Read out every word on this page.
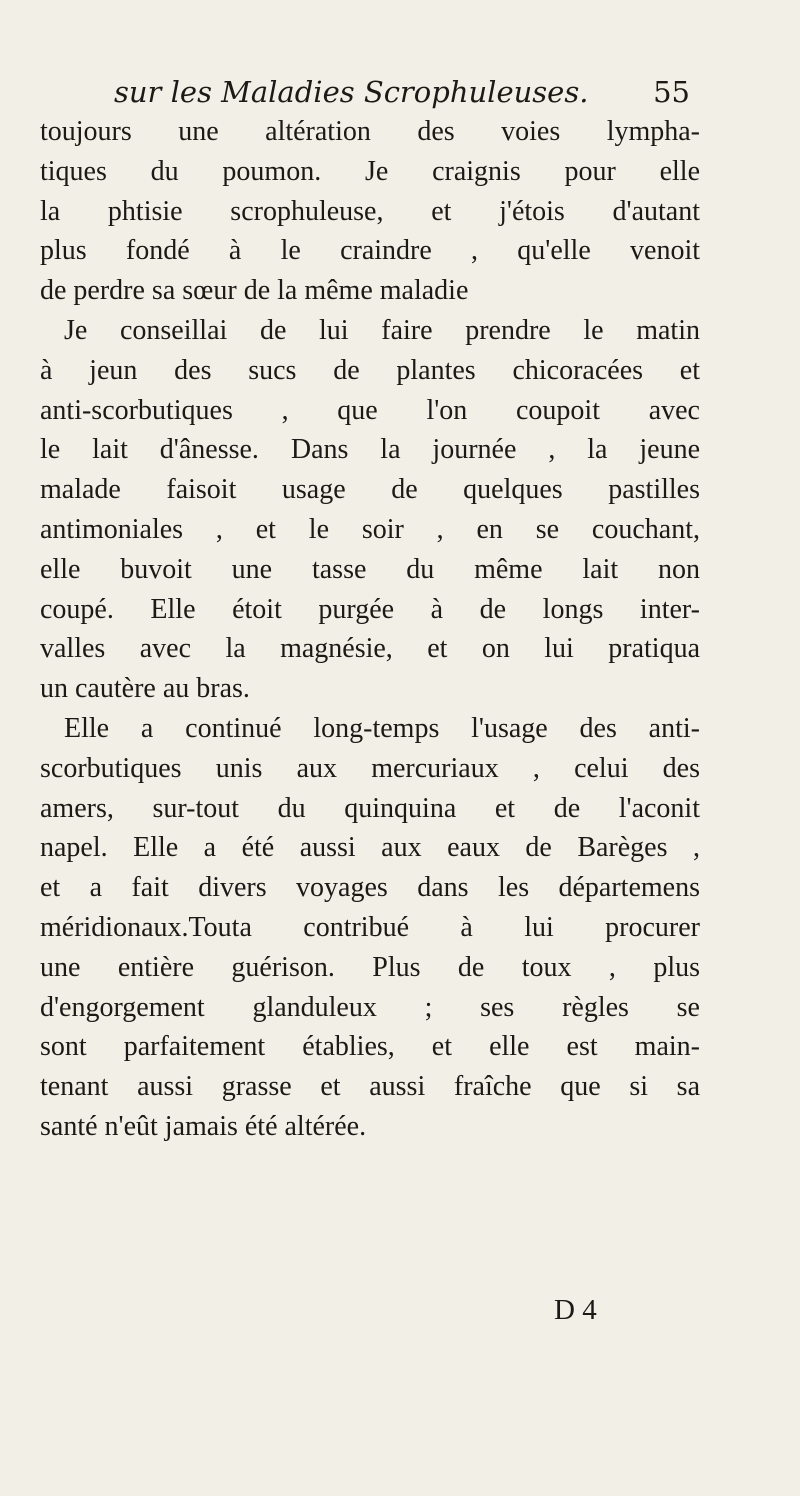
sur les Maladies Scrophuleuses. 55
toujours une altération des voies lympha-
tiques du poumon. Je craignis pour elle
la phtisie scrophuleuse, et j'étois d'autant
plus fondé à le craindre , qu'elle venoit
de perdre sa sœur de la même maladie
Je conseillai de lui faire prendre le matin
à jeun des sucs de plantes chicoracées et
anti-scorbutiques , que l'on coupoit avec
le lait d'ânesse. Dans la journée , la jeune
malade faisoit usage de quelques pastilles
antimoniales , et le soir , en se couchant,
elle buvoit une tasse du même lait non
coupé. Elle étoit purgée à de longs inter-
valles avec la magnésie, et on lui pratiqua
un cautère au bras.
Elle a continué long-temps l'usage des anti-
scorbutiques unis aux mercuriaux , celui des
amers, sur-tout du quinquina et de l'aconit
napel. Elle a été aussi aux eaux de Barèges ,
et a fait divers voyages dans les départemens
méridionaux.Touta contribué à lui procurer
une entière guérison. Plus de toux , plus
d'engorgement glanduleux ; ses règles se
sont parfaitement établies, et elle est main-
tenant aussi grasse et aussi fraîche que si sa
santé n'eût jamais été altérée.
D 4
